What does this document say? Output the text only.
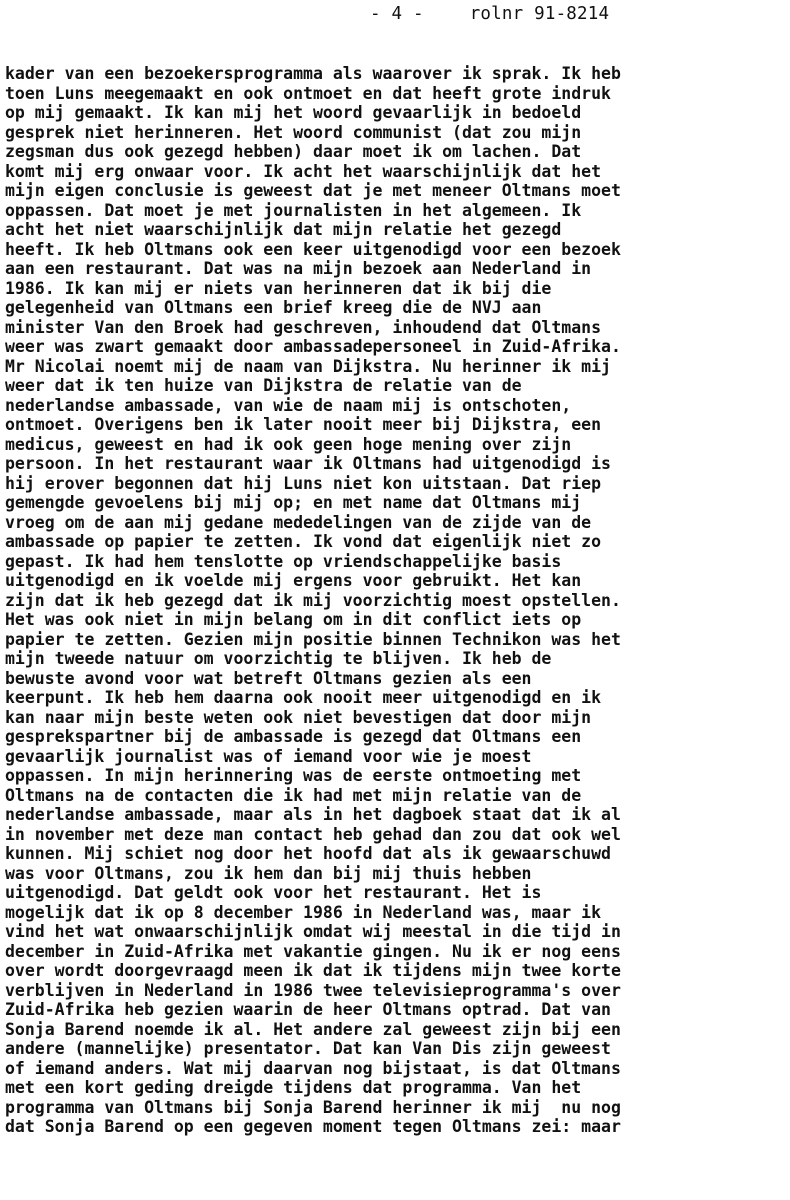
- 4 -	rolnr 91-8214
kader van een bezoekersprogramma als waarover ik sprak. Ik heb
toen Luns meegemaakt en ook ontmoet en dat heeft grote indruk
op mij gemaakt. Ik kan mij het woord gevaarlijk in bedoeld
gesprek niet herinneren. Het woord communist (dat zou mijn
zegsman dus ook gezegd hebben) daar moet ik om lachen. Dat
komt mij erg onwaar voor. Ik acht het waarschijnlijk dat het
mijn eigen conclusie is geweest dat je met meneer Oltmans moet
oppassen. Dat moet je met journalisten in het algemeen. Ik
acht het niet waarschijnlijk dat mijn relatie het gezegd
heeft. Ik heb Oltmans ook een keer uitgenodigd voor een bezoek
aan een restaurant. Dat was na mijn bezoek aan Nederland in
1986. Ik kan mij er niets van herinneren dat ik bij die
gelegenheid van Oltmans een brief kreeg die de NVJ aan
minister Van den Broek had geschreven, inhoudend dat Oltmans
weer was zwart gemaakt door ambassadepersoneel in Zuid-Afrika.
Mr Nicolai noemt mij de naam van Dijkstra. Nu herinner ik mij
weer dat ik ten huize van Dijkstra de relatie van de
nederlandse ambassade, van wie de naam mij is ontschoten,
ontmoet. Overigens ben ik later nooit meer bij Dijkstra, een
medicus, geweest en had ik ook geen hoge mening over zijn
persoon. In het restaurant waar ik Oltmans had uitgenodigd is
hij erover begonnen dat hij Luns niet kon uitstaan. Dat riep
gemengde gevoelens bij mij op; en met name dat Oltmans mij
vroeg om de aan mij gedane mededelingen van de zijde van de
ambassade op papier te zetten. Ik vond dat eigenlijk niet zo
gepast. Ik had hem tenslotte op vriendschappelijke basis
uitgenodigd en ik voelde mij ergens voor gebruikt. Het kan
zijn dat ik heb gezegd dat ik mij voorzichtig moest opstellen.
Het was ook niet in mijn belang om in dit conflict iets op
papier te zetten. Gezien mijn positie binnen Technikon was het
mijn tweede natuur om voorzichtig te blijven. Ik heb de
bewuste avond voor wat betreft Oltmans gezien als een
keerpunt. Ik heb hem daarna ook nooit meer uitgenodigd en ik
kan naar mijn beste weten ook niet bevestigen dat door mijn
gesprekspartner bij de ambassade is gezegd dat Oltmans een
gevaarlijk journalist was of iemand voor wie je moest
oppassen. In mijn herinnering was de eerste ontmoeting met
Oltmans na de contacten die ik had met mijn relatie van de
nederlandse ambassade, maar als in het dagboek staat dat ik al
in november met deze man contact heb gehad dan zou dat ook wel
kunnen. Mij schiet nog door het hoofd dat als ik gewaarschuwd
was voor Oltmans, zou ik hem dan bij mij thuis hebben
uitgenodigd. Dat geldt ook voor het restaurant. Het is
mogelijk dat ik op 8 december 1986 in Nederland was, maar ik
vind het wat onwaarschijnlijk omdat wij meestal in die tijd in
december in Zuid-Afrika met vakantie gingen. Nu ik er nog eens
over wordt doorgevraagd meen ik dat ik tijdens mijn twee korte
verblijven in Nederland in 1986 twee televisieprogramma's over
Zuid-Afrika heb gezien waarin de heer Oltmans optrad. Dat van
Sonja Barend noemde ik al. Het andere zal geweest zijn bij een
andere (mannelijke) presentator. Dat kan Van Dis zijn geweest
of iemand anders. Wat mij daarvan nog bijstaat, is dat Oltmans
met een kort geding dreigde tijdens dat programma. Van het
programma van Oltmans bij Sonja Barend herinner ik mij  nu nog
dat Sonja Barend op een gegeven moment tegen Oltmans zei: maar
